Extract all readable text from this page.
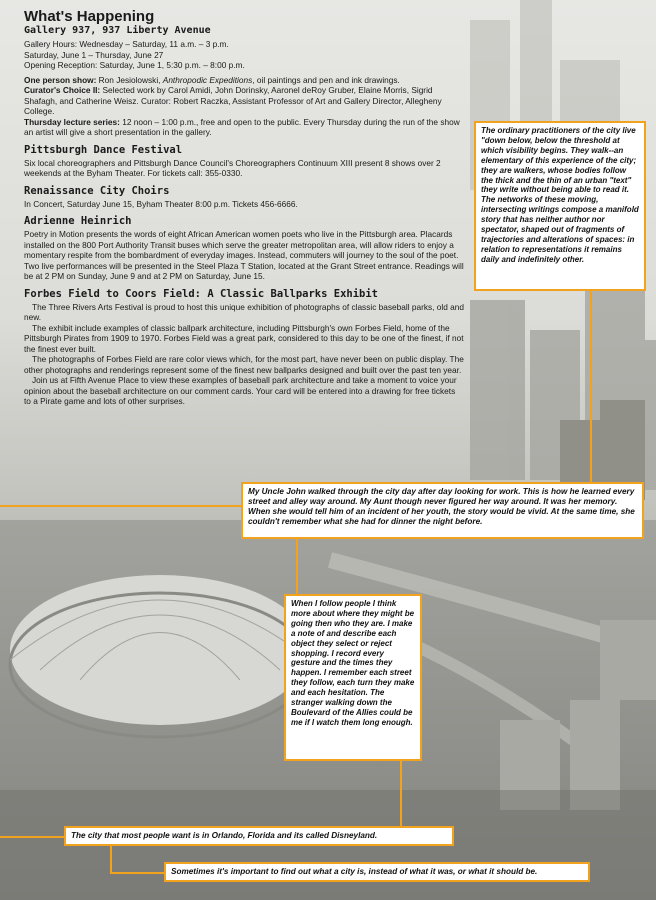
What's Happening
Gallery 937, 937 Liberty Avenue

Gallery Hours: Wednesday – Saturday, 11 a.m. – 3 p.m.

Saturday, June 1 – Thursday, June 27

Opening Reception: Saturday, June 1, 5:30 p.m. – 8:00 p.m.

One person show: Ron Jesiolowski, Anthropodic Expeditions, oil paintings and pen and ink drawings.

Curator's Choice II: Selected work by Carol Amidi, John Dorinsky, Aaronel deRoy Gruber, Elaine Morris, Sigrid Shafagh, and Catherine Weisz. Curator: Robert Raczka, Assistant Professor of Art and Gallery Director, Allegheny College.

Thursday lecture series: 12 noon – 1:00 p.m., free and open to the public. Every Thursday during the run of the show an artist will give a short presentation in the gallery.

Pittsburgh Dance Festival

Six local choreographers and Pittsburgh Dance Council's Choreographers Continuum XIII present 8 shows over 2 weekends at the Byham Theater. For tickets call: 355-0330.

Renaissance City Choirs

In Concert, Saturday June 15, Byham Theater 8:00 p.m. Tickets 456-6666.

Adrienne Heinrich

Poetry in Motion presents the words of eight African American women poets who live in the Pittsburgh area. Placards installed on the 800 Port Authority Transit buses which serve the greater metropolitan area, will allow riders to enjoy a momentary respite from the bombardment of everyday images. Instead, commuters will journey to the soul of the poet. Two live performances will be presented in the Steel Plaza T Station, located at the Grant Street entrance. Readings will be at 2 PM on Sunday, June 9 and at 2 PM on Saturday, June 15.

Forbes Field to Coors Field: A Classic Ballparks Exhibit

The Three Rivers Arts Festival is proud to host this unique exhibition of photographs of classic baseball parks, old and new.

The exhibit include examples of classic ballpark architecture, including Pittsburgh's own Forbes Field, home of the Pittsburgh Pirates from 1909 to 1970. Forbes Field was a great park, considered to this day to be one of the finest, if not the finest ever built.

The photographs of Forbes Field are rare color views which, for the most part, have never been on public display. The other photographs and renderings represent some of the finest new ballparks designed and built over the past ten year.

Join us at Fifth Avenue Place to view these examples of baseball park architecture and take a moment to voice your opinion about the baseball architecture on our comment cards. Your card will be entered into a drawing for free tickets to a Pirate game and lots of other surprises.

The ordinary practitioners of the city live "down below, below the threshold at which visibility begins. They walk--an elementary of this experience of the city; they are walkers, whose bodies follow the thick and the thin of an urban "text" they write without being able to read it. The networks of these moving, intersecting writings compose a manifold story that has neither author nor spectator, shaped out of fragments of trajectories and alterations of spaces: in relation to representations it remains daily and indefinitely other.
My Uncle John walked through the city day after day looking for work. This is how he learned every street and alley way around. My Aunt though never figured her way around. It was her memory. When she would tell him of an incident of her youth, the story would be vivid. At the same time, she couldn't remember what she had for dinner the night before.
When I follow people I think more about where they might be going then who they are. I make a note of and describe each object they select or reject shopping. I record every gesture and the times they happen. I remember each street they follow, each turn they make and each hesitation. The stranger walking down the Boulevard of the Allies could be me if I watch them long enough.
The city that most people want is in Orlando, Florida and its called Disneyland.
Sometimes it's important to find out what a city is, instead of what it was, or what it should be.
